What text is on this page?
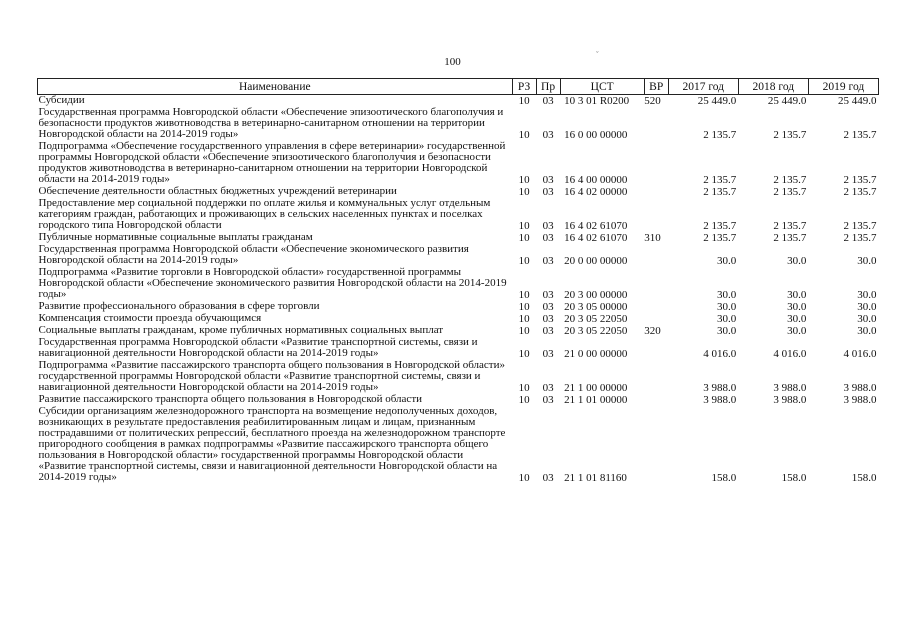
100
ˇ
Наименование	РЗ	Пр	ЦСТ	ВР	2017 год	2018 год	2019 год
Субсидии	10	03	10 3 01 R0200	520	25 449.0	25 449.0	25 449.0
Государственная программа Новгородской области «Обеспечение эпизоотического благополучия и безопасности продуктов животноводства в ветеринарно-санитарном отношении на территории Новгородской области на 2014-2019 годы»	10	03	16 0 00 00000		2 135.7	2 135.7	2 135.7
Подпрограмма «Обеспечение государственного управления в сфере ветеринарии» государственной программы Новгородской области «Обеспечение эпизоотического благополучия и безопасности продуктов животноводства в ветеринарно-санитарном отношении на территории Новгородской области на 2014-2019 годы»	10	03	16 4 00 00000		2 135.7	2 135.7	2 135.7
Обеспечение деятельности областных бюджетных учреждений ветеринарии	10	03	16 4 02 00000		2 135.7	2 135.7	2 135.7
Предоставление мер социальной поддержки по оплате жилья и коммунальных услуг отдельным категориям граждан, работающих и проживающих в сельских населенных пунктах и поселках городского типа Новгородской области	10	03	16 4 02 61070		2 135.7	2 135.7	2 135.7
Публичные нормативные социальные выплаты гражданам	10	03	16 4 02 61070	310	2 135.7	2 135.7	2 135.7
Государственная программа Новгородской области «Обеспечение экономического развития Новгородской области на 2014-2019 годы»	10	03	20 0 00 00000		30.0	30.0	30.0
Подпрограмма «Развитие торговли в Новгородской области» государственной программы Новгородской области «Обеспечение экономического развития Новгородской области на 2014-2019 годы»	10	03	20 3 00 00000		30.0	30.0	30.0
Развитие профессионального образования в сфере торговли	10	03	20 3 05 00000		30.0	30.0	30.0
Компенсация стоимости проезда обучающимся	10	03	20 3 05 22050		30.0	30.0	30.0
Социальные выплаты гражданам, кроме публичных нормативных социальных выплат	10	03	20 3 05 22050	320	30.0	30.0	30.0
Государственная программа Новгородской области «Развитие транспортной системы, связи и навигационной деятельности Новгородской области на 2014-2019 годы»	10	03	21 0 00 00000		4 016.0	4 016.0	4 016.0
Подпрограмма «Развитие пассажирского транспорта общего пользования в Новгородской области» государственной программы Новгородской области «Развитие транспортной системы, связи и навигационной деятельности Новгородской области на 2014-2019 годы»	10	03	21 1 00 00000		3 988.0	3 988.0	3 988.0
Развитие пассажирского транспорта общего пользования в Новгородской области	10	03	21 1 01 00000		3 988.0	3 988.0	3 988.0
Субсидии организациям железнодорожного транспорта на возмещение недополученных доходов, возникающих в результате предоставления реабилитированным лицам и лицам, признанным пострадавшими от политических репрессий, бесплатного проезда на железнодорожном транспорте пригородного сообщения в рамках подпрограммы «Развитие пассажирского транспорта общего пользования в Новгородской области» государственной программы Новгородской области «Развитие транспортной системы, связи и навигационной деятельности Новгородской области на 2014-2019 годы»	10	03	21 1 01 81160		158.0	158.0	158.0
